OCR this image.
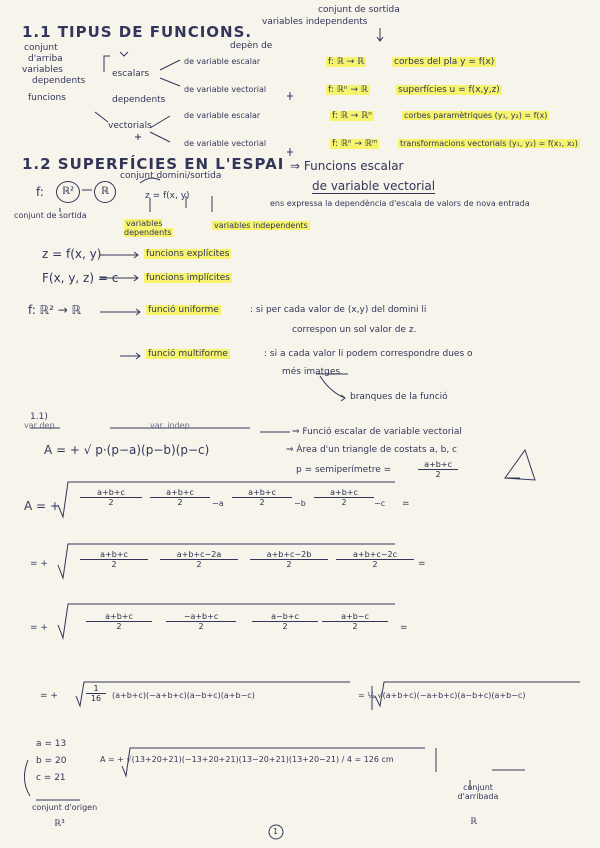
conjunt de sortida
variables independents
1.1 TIPUS DE FUNCIONS.
depèn de
conjunt
d'arriba
variables
dependents
funcions
escalars
dependents
vectorials
de variable escalar	f: ℝ → ℝ	corbes del pla y = f(x)
de variable vectorial	f: ℝⁿ → ℝ	superfícies u = f(x,y,z)
de variable escalar	f: ℝ → ℝⁿ	corbes paramètriques (y₁, y₂) = f(x)
de variable vectorial	f: ℝⁿ → ℝᵐ	transformacions vectorials (y₁, y₂) = f(x₁, x₂)
1.2 SUPERFÍCIES EN L'ESPAI ⇒ Funcions escalar
de variable vectorial
conjunt domini/sortida
f:	ℝ²	ℝ	z = f(x, y)
ens expressa la dependència d'escala de valors de nova entrada
conjunt de sortida
variables dependents
variables independents
z = f(x, y)	funcions explícites
F(x, y, z) = c	funcions implícites
f: ℝ² → ℝ	funció uniforme	: si per cada valor de (x,y) del domini li
correspon un sol valor de z.
funció multiforme	: si a cada valor li podem correspondre dues o
més imatges
branques de la funció
1.1)
var dep	var. indep
A = + √ p·(p−a)(p−b)(p−c)
⇒ Funció escalar de variable vectorial
⇒ Àrea d'un triangle de costats a, b, c
p = semiperímetre =	$\frac{a+b+c}{2}$
A = +	$\frac{a+b+c}{2} \frac{a+b+c}{2} -a \frac{a+b+c}{2} -b \frac{a+b+c}{2} -c$ =
= +	$\frac{a+b+c}{2} \frac{a+b+c-2a}{2} \frac{a+b+c-2b}{2} \frac{a+b+c-2c}{2}$ =
= +	$\frac{a+b+c}{2} \frac{-a+b+c}{2} \frac{a-b+c}{2} \frac{a+b-c}{2}$ =
= +	$\frac{1}{16} (a+b+c)(-a+b+c)(a-b+c)(a+b-c)$	= ¼ √(a+b+c)(−a+b+c)(a−b+c)(a+b−c)
a = 13
b = 20
c = 21
A = + √(13+20+21)(−13+20+21)(13−20+21)(13+20−21) / 4 = 126 cm
conjunt d'origen
ℝ³
conjunt d'arribada
ℝ
1
